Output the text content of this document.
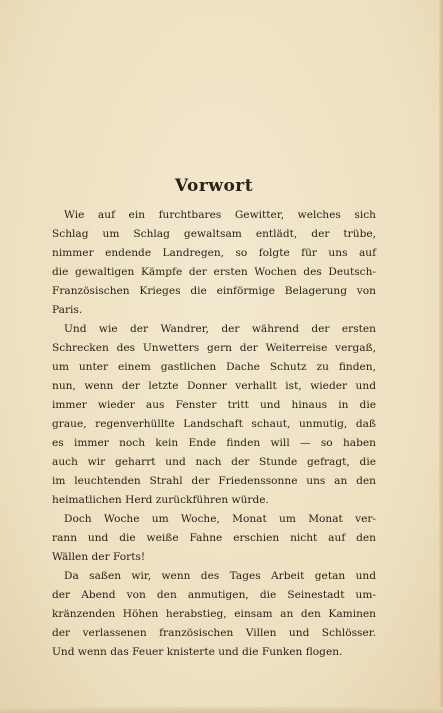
Vorwort

Wie auf ein furchtbares Gewitter, welches sich
Schlag um Schlag gewaltsam entlädt, der trübe,
nimmer endende Landregen, so folgte für uns auf
die gewaltigen Kämpfe der ersten Wochen des Deutsch-
Französischen Krieges die einförmige Belagerung von
Paris.

Und wie der Wandrer, der während der ersten
Schrecken des Unwetters gern der Weiterreise vergaß,
um unter einem gastlichen Dache Schutz zu finden,
nun, wenn der letzte Donner verhallt ist, wieder und
immer wieder aus Fenster tritt und hinaus in die
graue, regenverhüllte Landschaft schaut, unmutig, daß
es immer noch kein Ende finden will — so haben
auch wir geharrt und nach der Stunde gefragt, die
im leuchtenden Strahl der Friedenssonne uns an den
heimatlichen Herd zurückführen würde.

Doch Woche um Woche, Monat um Monat ver-
rann und die weiße Fahne erschien nicht auf den
Wällen der Forts!

Da saßen wir, wenn des Tages Arbeit getan und
der Abend von den anmutigen, die Seinestadt um-
kränzenden Höhen herabstieg, einsam an den Kaminen
der verlassenen französischen Villen und Schlösser.
Und wenn das Feuer knisterte und die Funken flogen.
